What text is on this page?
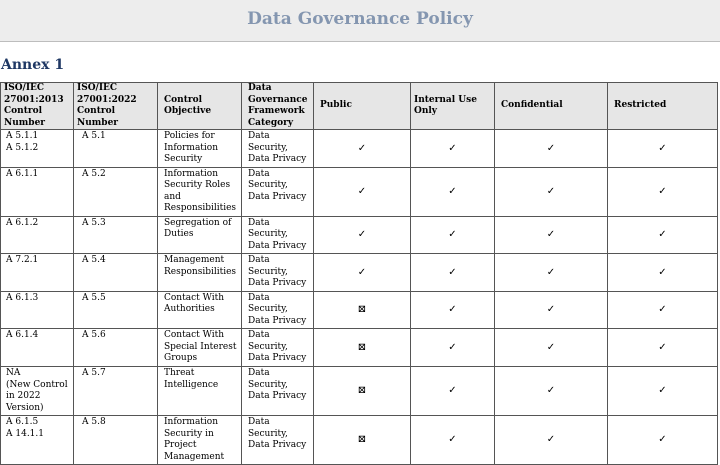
Data Governance Policy
Annex 1
ISO/IEC 27001:2013 Control Number	ISO/IEC 27001:2022 Control Number	Control Objective	Data Governance Framework Category	Public	Internal Use Only	Confidential	Restricted

A 5.1.1
A 5.1.2	A 5.1	Policies for Information Security	Data Security, Data Privacy	✓	✓	✓	✓

A 6.1.1	A 5.2	Information Security Roles and Responsibilities	Data Security, Data Privacy	✓	✓	✓	✓

A 6.1.2	A 5.3	Segregation of Duties	Data Security, Data Privacy	✓	✓	✓	✓

A 7.2.1	A 5.4	Management Responsibilities	Data Security, Data Privacy	✓	✓	✓	✓

A 6.1.3	A 5.5	Contact With Authorities	Data Security, Data Privacy	⊠	✓	✓	✓

A 6.1.4	A 5.6	Contact With Special Interest Groups	Data Security, Data Privacy	⊠	✓	✓	✓

NA
(New Control in 2022 Version)	A 5.7	Threat Intelligence	Data Security, Data Privacy	⊠	✓	✓	✓

A 6.1.5
A 14.1.1	A 5.8	Information Security in Project Management	Data Security, Data Privacy	⊠	✓	✓	✓
